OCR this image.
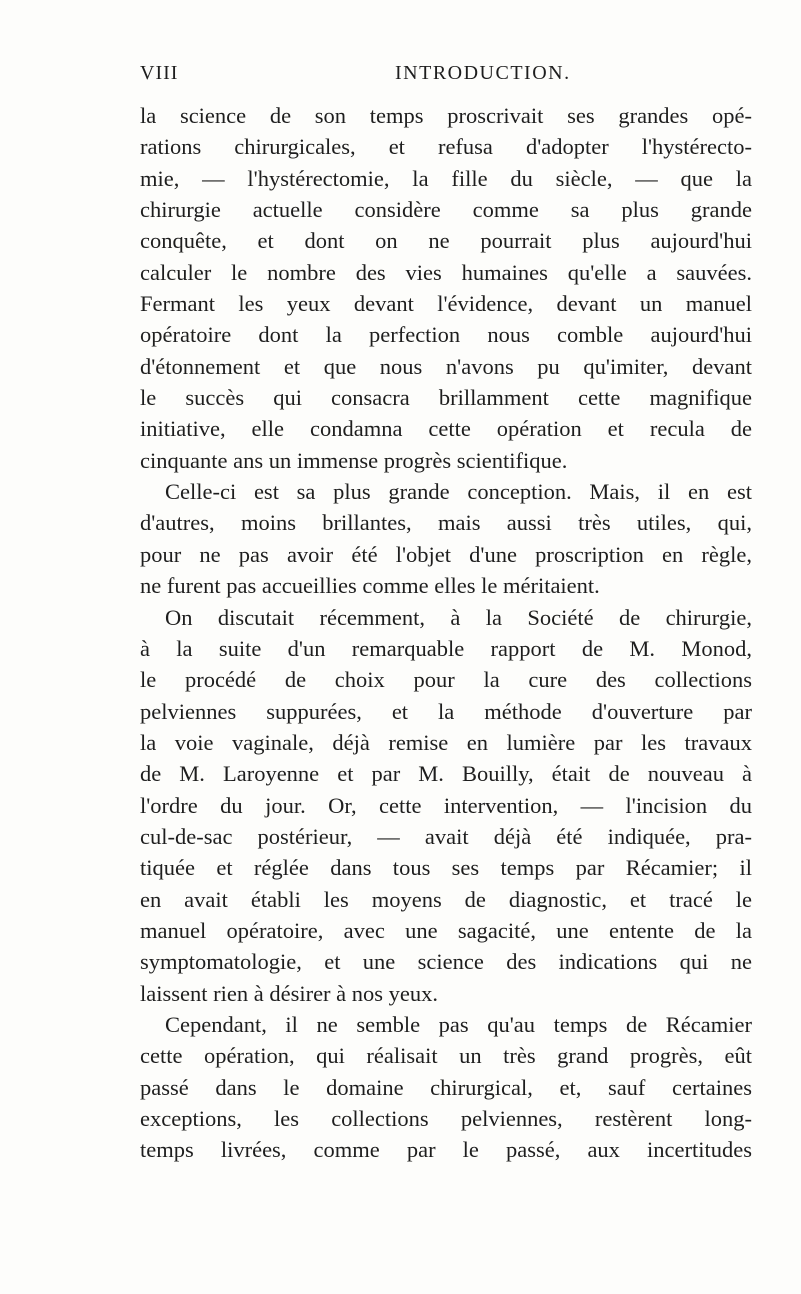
VIII	INTRODUCTION.
la science de son temps proscrivait ses grandes opé-
rations chirurgicales, et refusa d'adopter l'hystérecto-
mie, — l'hystérectomie, la fille du siècle, — que la
chirurgie actuelle considère comme sa plus grande
conquête, et dont on ne pourrait plus aujourd'hui
calculer le nombre des vies humaines qu'elle a sauvées.
Fermant les yeux devant l'évidence, devant un manuel
opératoire dont la perfection nous comble aujourd'hui
d'étonnement et que nous n'avons pu qu'imiter, devant
le succès qui consacra brillamment cette magnifique
initiative, elle condamna cette opération et recula de
cinquante ans un immense progrès scientifique.
Celle-ci est sa plus grande conception. Mais, il en est
d'autres, moins brillantes, mais aussi très utiles, qui,
pour ne pas avoir été l'objet d'une proscription en règle,
ne furent pas accueillies comme elles le méritaient.
On discutait récemment, à la Société de chirurgie,
à la suite d'un remarquable rapport de M. Monod,
le procédé de choix pour la cure des collections
pelviennes suppurées, et la méthode d'ouverture par
la voie vaginale, déjà remise en lumière par les travaux
de M. Laroyenne et par M. Bouilly, était de nouveau à
l'ordre du jour. Or, cette intervention, — l'incision du
cul-de-sac postérieur, — avait déjà été indiquée, pra-
tiquée et réglée dans tous ses temps par Récamier; il
en avait établi les moyens de diagnostic, et tracé le
manuel opératoire, avec une sagacité, une entente de la
symptomatologie, et une science des indications qui ne
laissent rien à désirer à nos yeux.
Cependant, il ne semble pas qu'au temps de Récamier
cette opération, qui réalisait un très grand progrès, eût
passé dans le domaine chirurgical, et, sauf certaines
exceptions, les collections pelviennes, restèrent long-
temps livrées, comme par le passé, aux incertitudes
